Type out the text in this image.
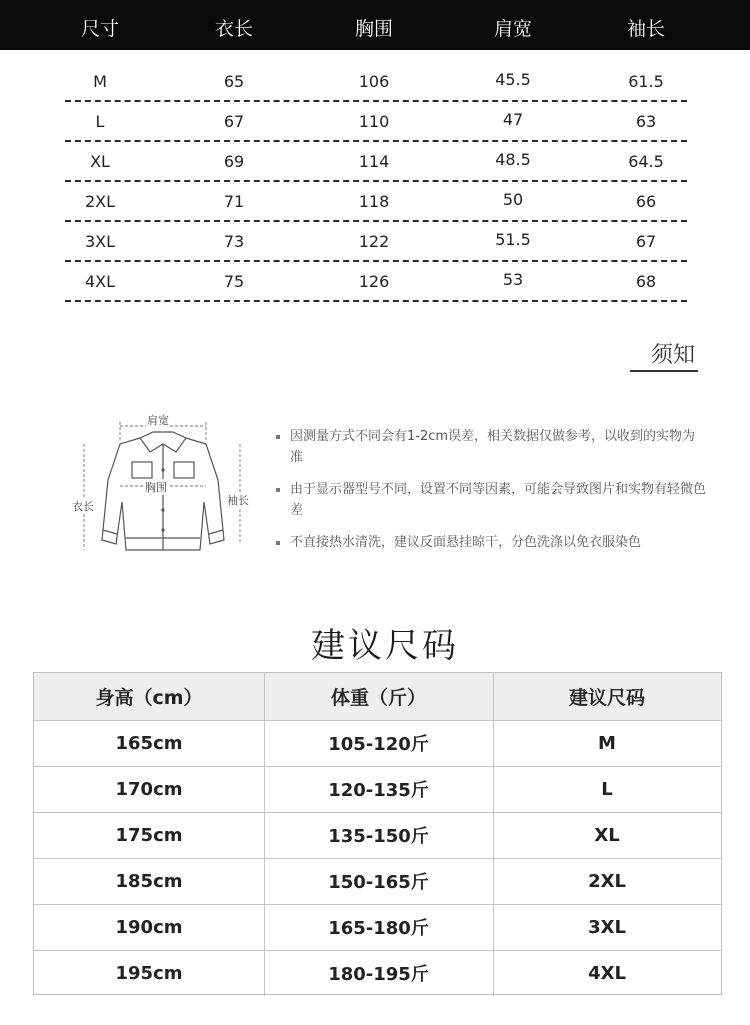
尺寸	衣长	胸围	肩宽	袖长
M	65	106	45.5	61.5
L	67	110	47	63
XL	69	114	48.5	64.5
2XL	71	118	50	66
3XL	73	122	51.5	67
4XL	75	126	53	68
须知
肩宽
胸围
衣长	袖长
因测量方式不同会有1-2cm误差，相关数据仅做参考，以收到的实物为准
由于显示器型号不同，设置不同等因素，可能会导致图片和实物有轻微色差
不直接热水清洗，建议反面悬挂晾干，分色洗涤以免衣服染色
建议尺码
身高（cm）	体重（斤）	建议尺码
165cm	105-120斤	M
170cm	120-135斤	L
175cm	135-150斤	XL
185cm	150-165斤	2XL
190cm	165-180斤	3XL
195cm	180-195斤	4XL
